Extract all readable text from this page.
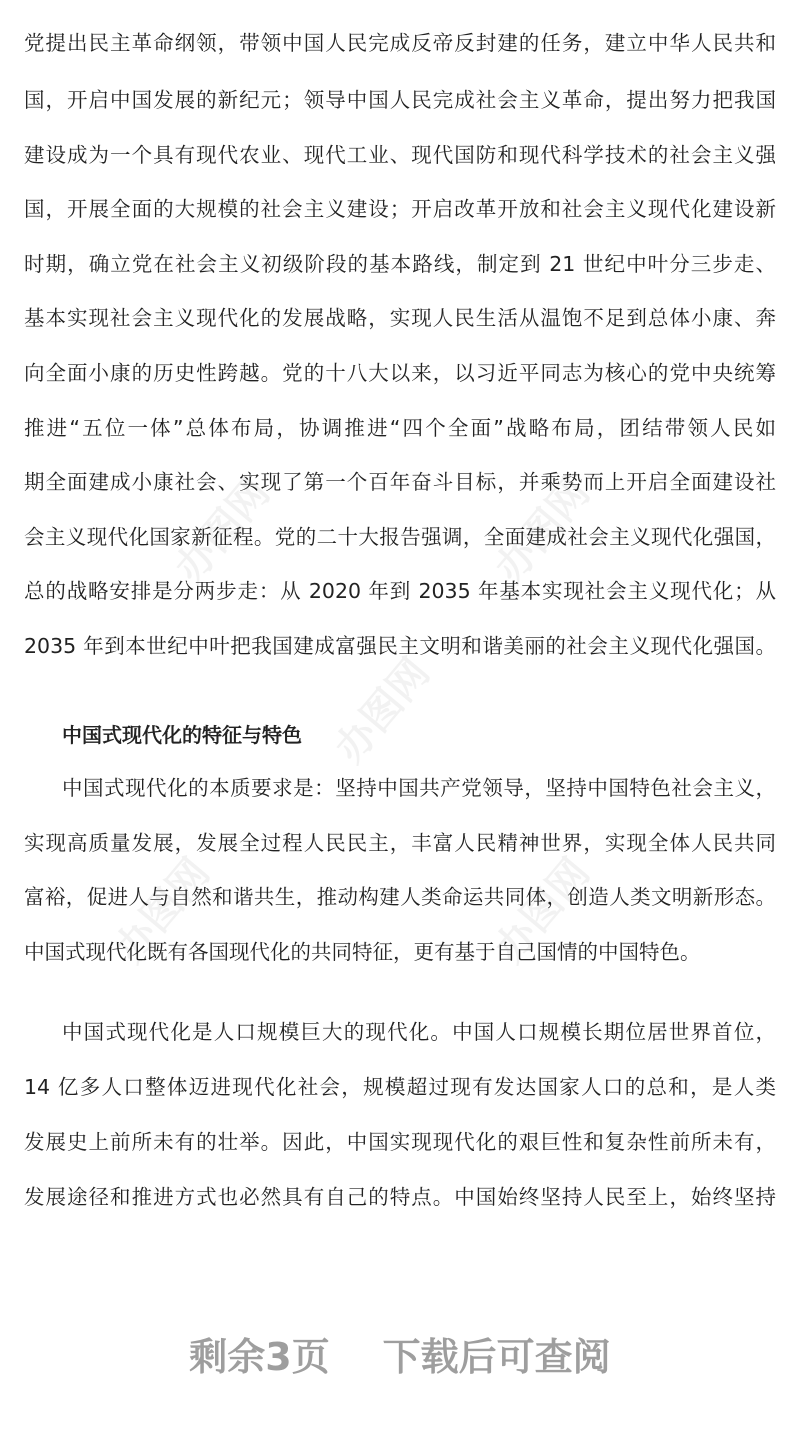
办图网	办图网
办图网
办图网	办图网
党提出民主革命纲领，带领中国人民完成反帝反封建的任务，建立中华人民共和
国，开启中国发展的新纪元；领导中国人民完成社会主义革命，提出努力把我国
建设成为一个具有现代农业、现代工业、现代国防和现代科学技术的社会主义强
国，开展全面的大规模的社会主义建设；开启改革开放和社会主义现代化建设新
时期，确立党在社会主义初级阶段的基本路线，制定到 21 世纪中叶分三步走、
基本实现社会主义现代化的发展战略，实现人民生活从温饱不足到总体小康、奔
向全面小康的历史性跨越。党的十八大以来，以习近平同志为核心的党中央统筹
推进“五位一体”总体布局，协调推进“四个全面”战略布局，团结带领人民如
期全面建成小康社会、实现了第一个百年奋斗目标，并乘势而上开启全面建设社
会主义现代化国家新征程。党的二十大报告强调，全面建成社会主义现代化强国，
总的战略安排是分两步走：从 2020 年到 2035 年基本实现社会主义现代化；从
2035 年到本世纪中叶把我国建成富强民主文明和谐美丽的社会主义现代化强国。
中国式现代化的特征与特色
中国式现代化的本质要求是：坚持中国共产党领导，坚持中国特色社会主义，
实现高质量发展，发展全过程人民民主，丰富人民精神世界，实现全体人民共同
富裕，促进人与自然和谐共生，推动构建人类命运共同体，创造人类文明新形态。
中国式现代化既有各国现代化的共同特征，更有基于自己国情的中国特色。
中国式现代化是人口规模巨大的现代化。中国人口规模长期位居世界首位，
14 亿多人口整体迈进现代化社会，规模超过现有发达国家人口的总和，是人类
发展史上前所未有的壮举。因此，中国实现现代化的艰巨性和复杂性前所未有，
发展途径和推进方式也必然具有自己的特点。中国始终坚持人民至上，始终坚持
剩余3页 下载后可查阅
